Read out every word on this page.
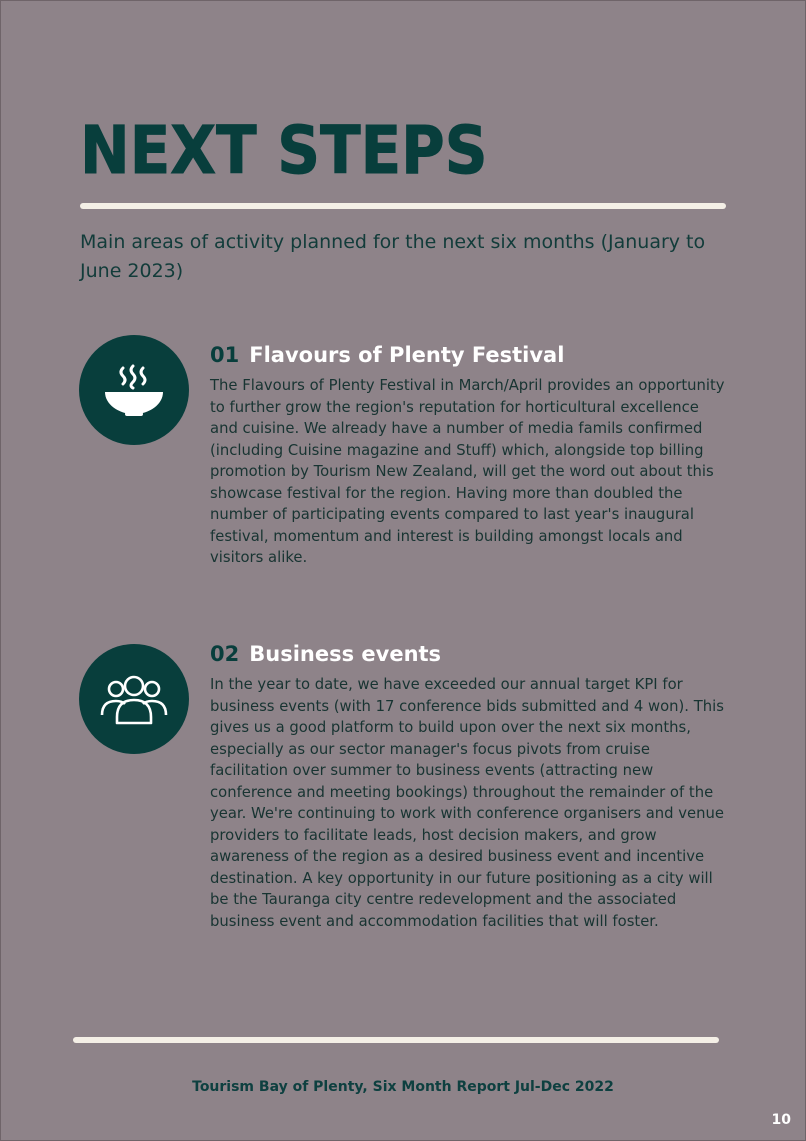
NEXT STEPS

Main areas of activity planned for the next six months (January to June 2023)

01 Flavours of Plenty Festival

The Flavours of Plenty Festival in March/April provides an opportunity to further grow the region's reputation for horticultural excellence and cuisine. We already have a number of media famils confirmed (including Cuisine magazine and Stuff) which, alongside top billing promotion by Tourism New Zealand, will get the word out about this showcase festival for the region. Having more than doubled the number of participating events compared to last year's inaugural festival, momentum and interest is building amongst locals and visitors alike.

02 Business events

In the year to date, we have exceeded our annual target KPI for business events (with 17 conference bids submitted and 4 won). This gives us a good platform to build upon over the next six months, especially as our sector manager's focus pivots from cruise facilitation over summer to business events (attracting new conference and meeting bookings) throughout the remainder of the year. We're continuing to work with conference organisers and venue providers to facilitate leads, host decision makers, and grow awareness of the region as a desired business event and incentive destination. A key opportunity in our future positioning as a city will be the Tauranga city centre redevelopment and the associated business event and accommodation facilities that will foster.

Tourism Bay of Plenty, Six Month Report Jul-Dec 2022
10
